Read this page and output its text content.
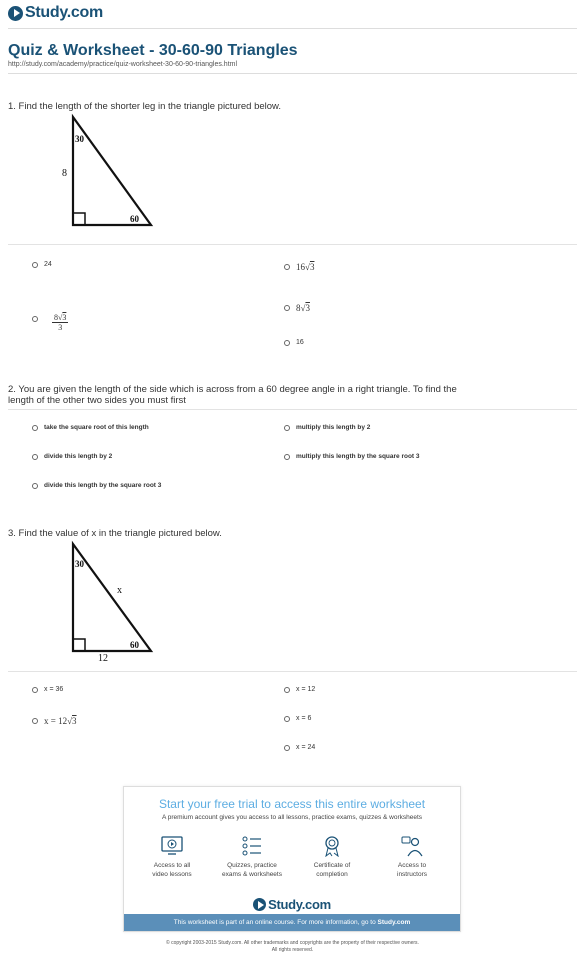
Study.com
Quiz & Worksheet - 30-60-90 Triangles
http://study.com/academy/practice/quiz-worksheet-30-60-90-triangles.html
1. Find the length of the shorter leg in the triangle pictured below.
30
60
8
24	16√3
$\frac{8√3}{3}$
8√3
16
2. You are given the length of the side which is across from a 60 degree angle in a right triangle. To find the length of the other two sides you must first
take the square root of this length	multiply this length by 2
divide this length by 2	multiply this length by the square root 3
divide this length by the square root 3
3. Find the value of x in the triangle pictured below.
30
60
x
12
x = 36	x = 12
x = 12√3	x = 6
x = 24
Start your free trial to access this entire worksheet
A premium account gives you access to all lessons, practice exams, quizzes & worksheets
Access to all
video lessons
Quizzes, practice
exams & worksheets
Certificate of
completion
Access to
instructors
Study.com
This worksheet is part of an online course. For more information, go to Study.com
© copyright 2003-2015 Study.com. All other trademarks and copyrights are the property of their respective owners.
All rights reserved.
